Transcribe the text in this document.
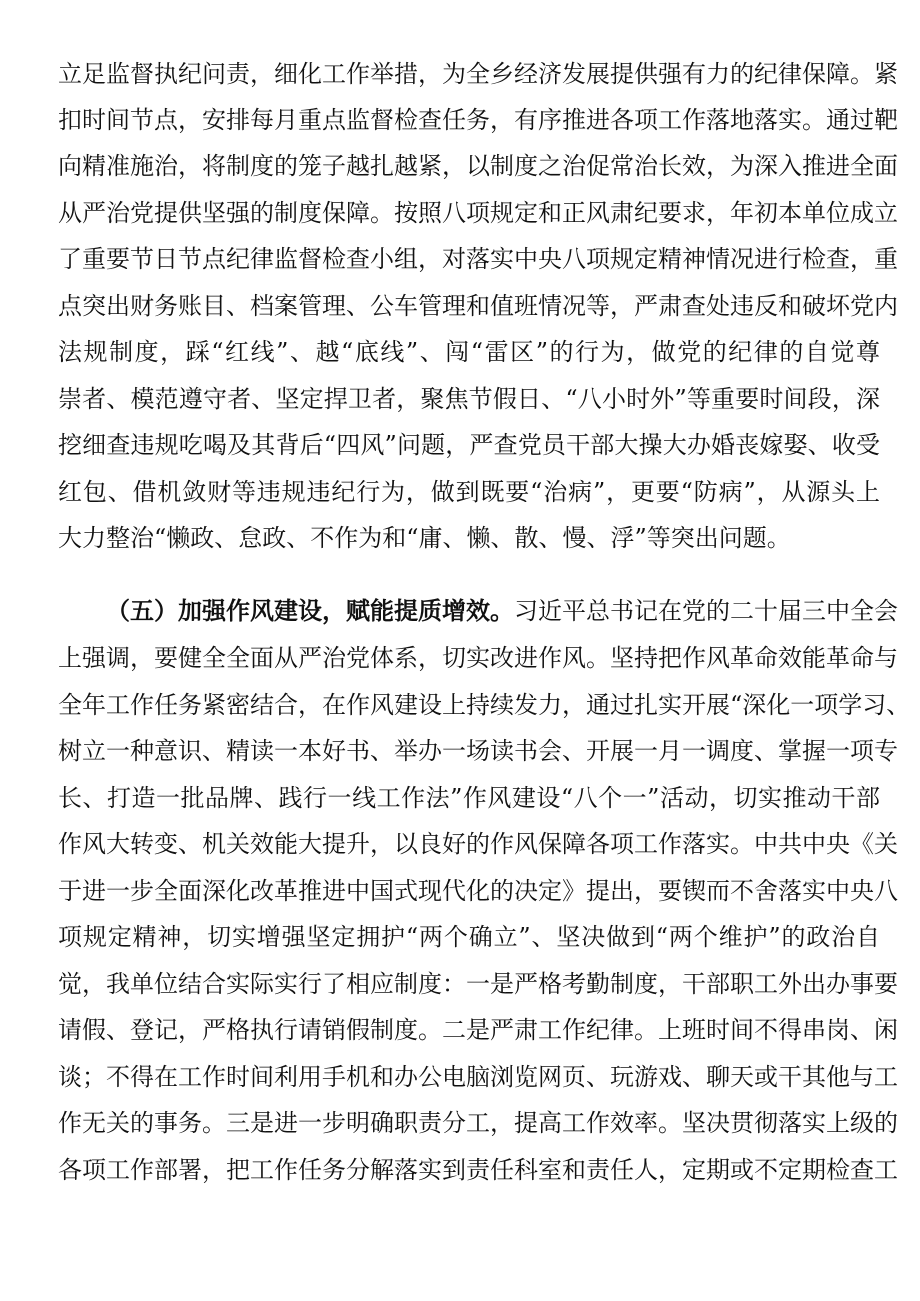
立足监督执纪问责，细化工作举措，为全乡经济发展提供强有力的纪律保障。紧
扣时间节点，安排每月重点监督检查任务，有序推进各项工作落地落实。通过靶
向精准施治，将制度的笼子越扎越紧，以制度之治促常治长效，为深入推进全面
从严治党提供坚强的制度保障。按照八项规定和正风肃纪要求，年初本单位成立
了重要节日节点纪律监督检查小组，对落实中央八项规定精神情况进行检查，重
点突出财务账目、档案管理、公车管理和值班情况等，严肃查处违反和破坏党内
法规制度，踩“红线”、越“底线”、闯“雷区”的行为，做党的纪律的自觉尊
崇者、模范遵守者、坚定捍卫者，聚焦节假日、“八小时外”等重要时间段，深
挖细查违规吃喝及其背后“四风”问题，严查党员干部大操大办婚丧嫁娶、收受
红包、借机敛财等违规违纪行为，做到既要“治病”，更要“防病”，从源头上
大力整治“懒政、怠政、不作为和“庸、懒、散、慢、浮”等突出问题。
（五）加强作风建设，赋能提质增效。习近平总书记在党的二十届三中全会
上强调，要健全全面从严治党体系，切实改进作风。坚持把作风革命效能革命与
全年工作任务紧密结合，在作风建设上持续发力，通过扎实开展“深化一项学习、
树立一种意识、精读一本好书、举办一场读书会、开展一月一调度、掌握一项专
长、打造一批品牌、践行一线工作法”作风建设“八个一”活动，切实推动干部
作风大转变、机关效能大提升，以良好的作风保障各项工作落实。中共中央《关
于进一步全面深化改革推进中国式现代化的决定》提出，要锲而不舍落实中央八
项规定精神，切实增强坚定拥护“两个确立”、坚决做到“两个维护”的政治自
觉，我单位结合实际实行了相应制度：一是严格考勤制度，干部职工外出办事要
请假、登记，严格执行请销假制度。二是严肃工作纪律。上班时间不得串岗、闲
谈；不得在工作时间利用手机和办公电脑浏览网页、玩游戏、聊天或干其他与工
作无关的事务。三是进一步明确职责分工，提高工作效率。坚决贯彻落实上级的
各项工作部署，把工作任务分解落实到责任科室和责任人，定期或不定期检查工
